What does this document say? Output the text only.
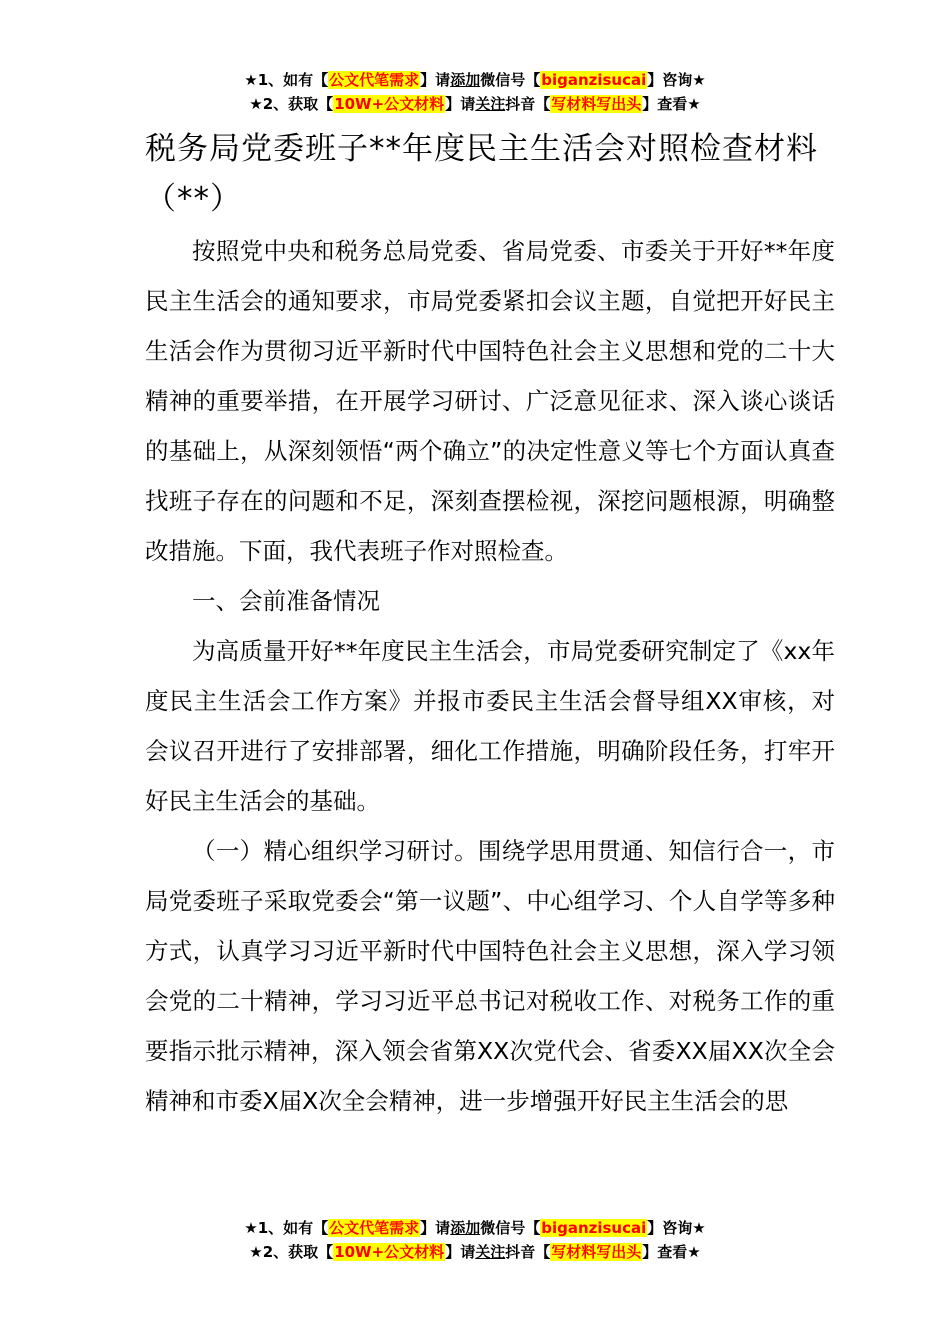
★1、如有【公文代笔需求】请添加微信号【biganzisucai】咨询★
★2、获取【10W+公文材料】请关注抖音【写材料写出头】查看★
税务局党委班子**年度民主生活会对照检查材料（**）

按照党中央和税务总局党委、省局党委、市委关于开好**年度民主生活会的通知要求，市局党委紧扣会议主题，自觉把开好民主生活会作为贯彻习近平新时代中国特色社会主义思想和党的二十大精神的重要举措，在开展学习研讨、广泛意见征求、深入谈心谈话的基础上，从深刻领悟“两个确立”的决定性意义等七个方面认真查找班子存在的问题和不足，深刻查摆检视，深挖问题根源，明确整改措施。下面，我代表班子作对照检查。

一、会前准备情况

为高质量开好**年度民主生活会，市局党委研究制定了《xx年度民主生活会工作方案》并报市委民主生活会督导组XX审核，对会议召开进行了安排部署，细化工作措施，明确阶段任务，打牢开好民主生活会的基础。

（一）精心组织学习研讨。围绕学思用贯通、知信行合一，市局党委班子采取党委会“第一议题”、中心组学习、个人自学等多种方式，认真学习习近平新时代中国特色社会主义思想，深入学习领会党的二十精神，学习习近平总书记对税收工作、对税务工作的重要指示批示精神，深入领会省第XX次党代会、省委XX届XX次全会精神和市委X届X次全会精神，进一步增强开好民主生活会的思

★1、如有【公文代笔需求】请添加微信号【biganzisucai】咨询★
★2、获取【10W+公文材料】请关注抖音【写材料写出头】查看★
